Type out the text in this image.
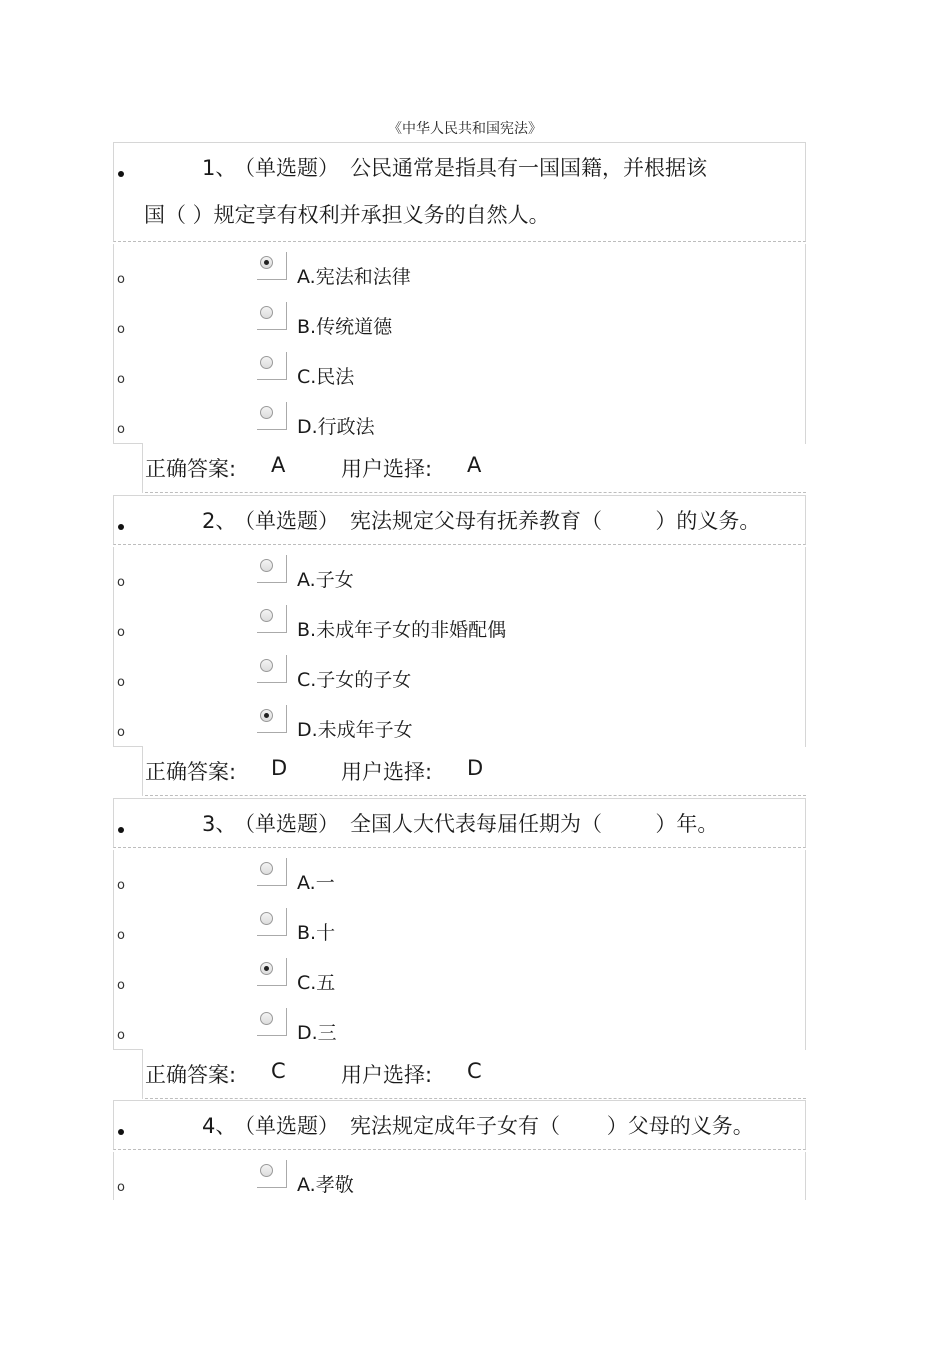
《中华人民共和国宪法》
1、
（单选题） 公民通常是指具有一国国籍，并根据该
国（ ）规定享有权利并承担义务的自然人。
o	A.宪法和法律
o	B.传统道德
o	C.民法
o	D.行政法
正确答案: A	用户选择: A
2、
（单选题） 宪法规定父母有抚养教育（        ）的义务。
o	A.子女
o	B.未成年子女的非婚配偶
o	C.子女的子女
o	D.未成年子女
正确答案: D	用户选择: D
3、
（单选题） 全国人大代表每届任期为（        ）年。
o	A.一
o	B.十
o	C.五
o	D.三
正确答案: C	用户选择: C
4、
（单选题） 宪法规定成年子女有（       ）父母的义务。
o	A.孝敬
